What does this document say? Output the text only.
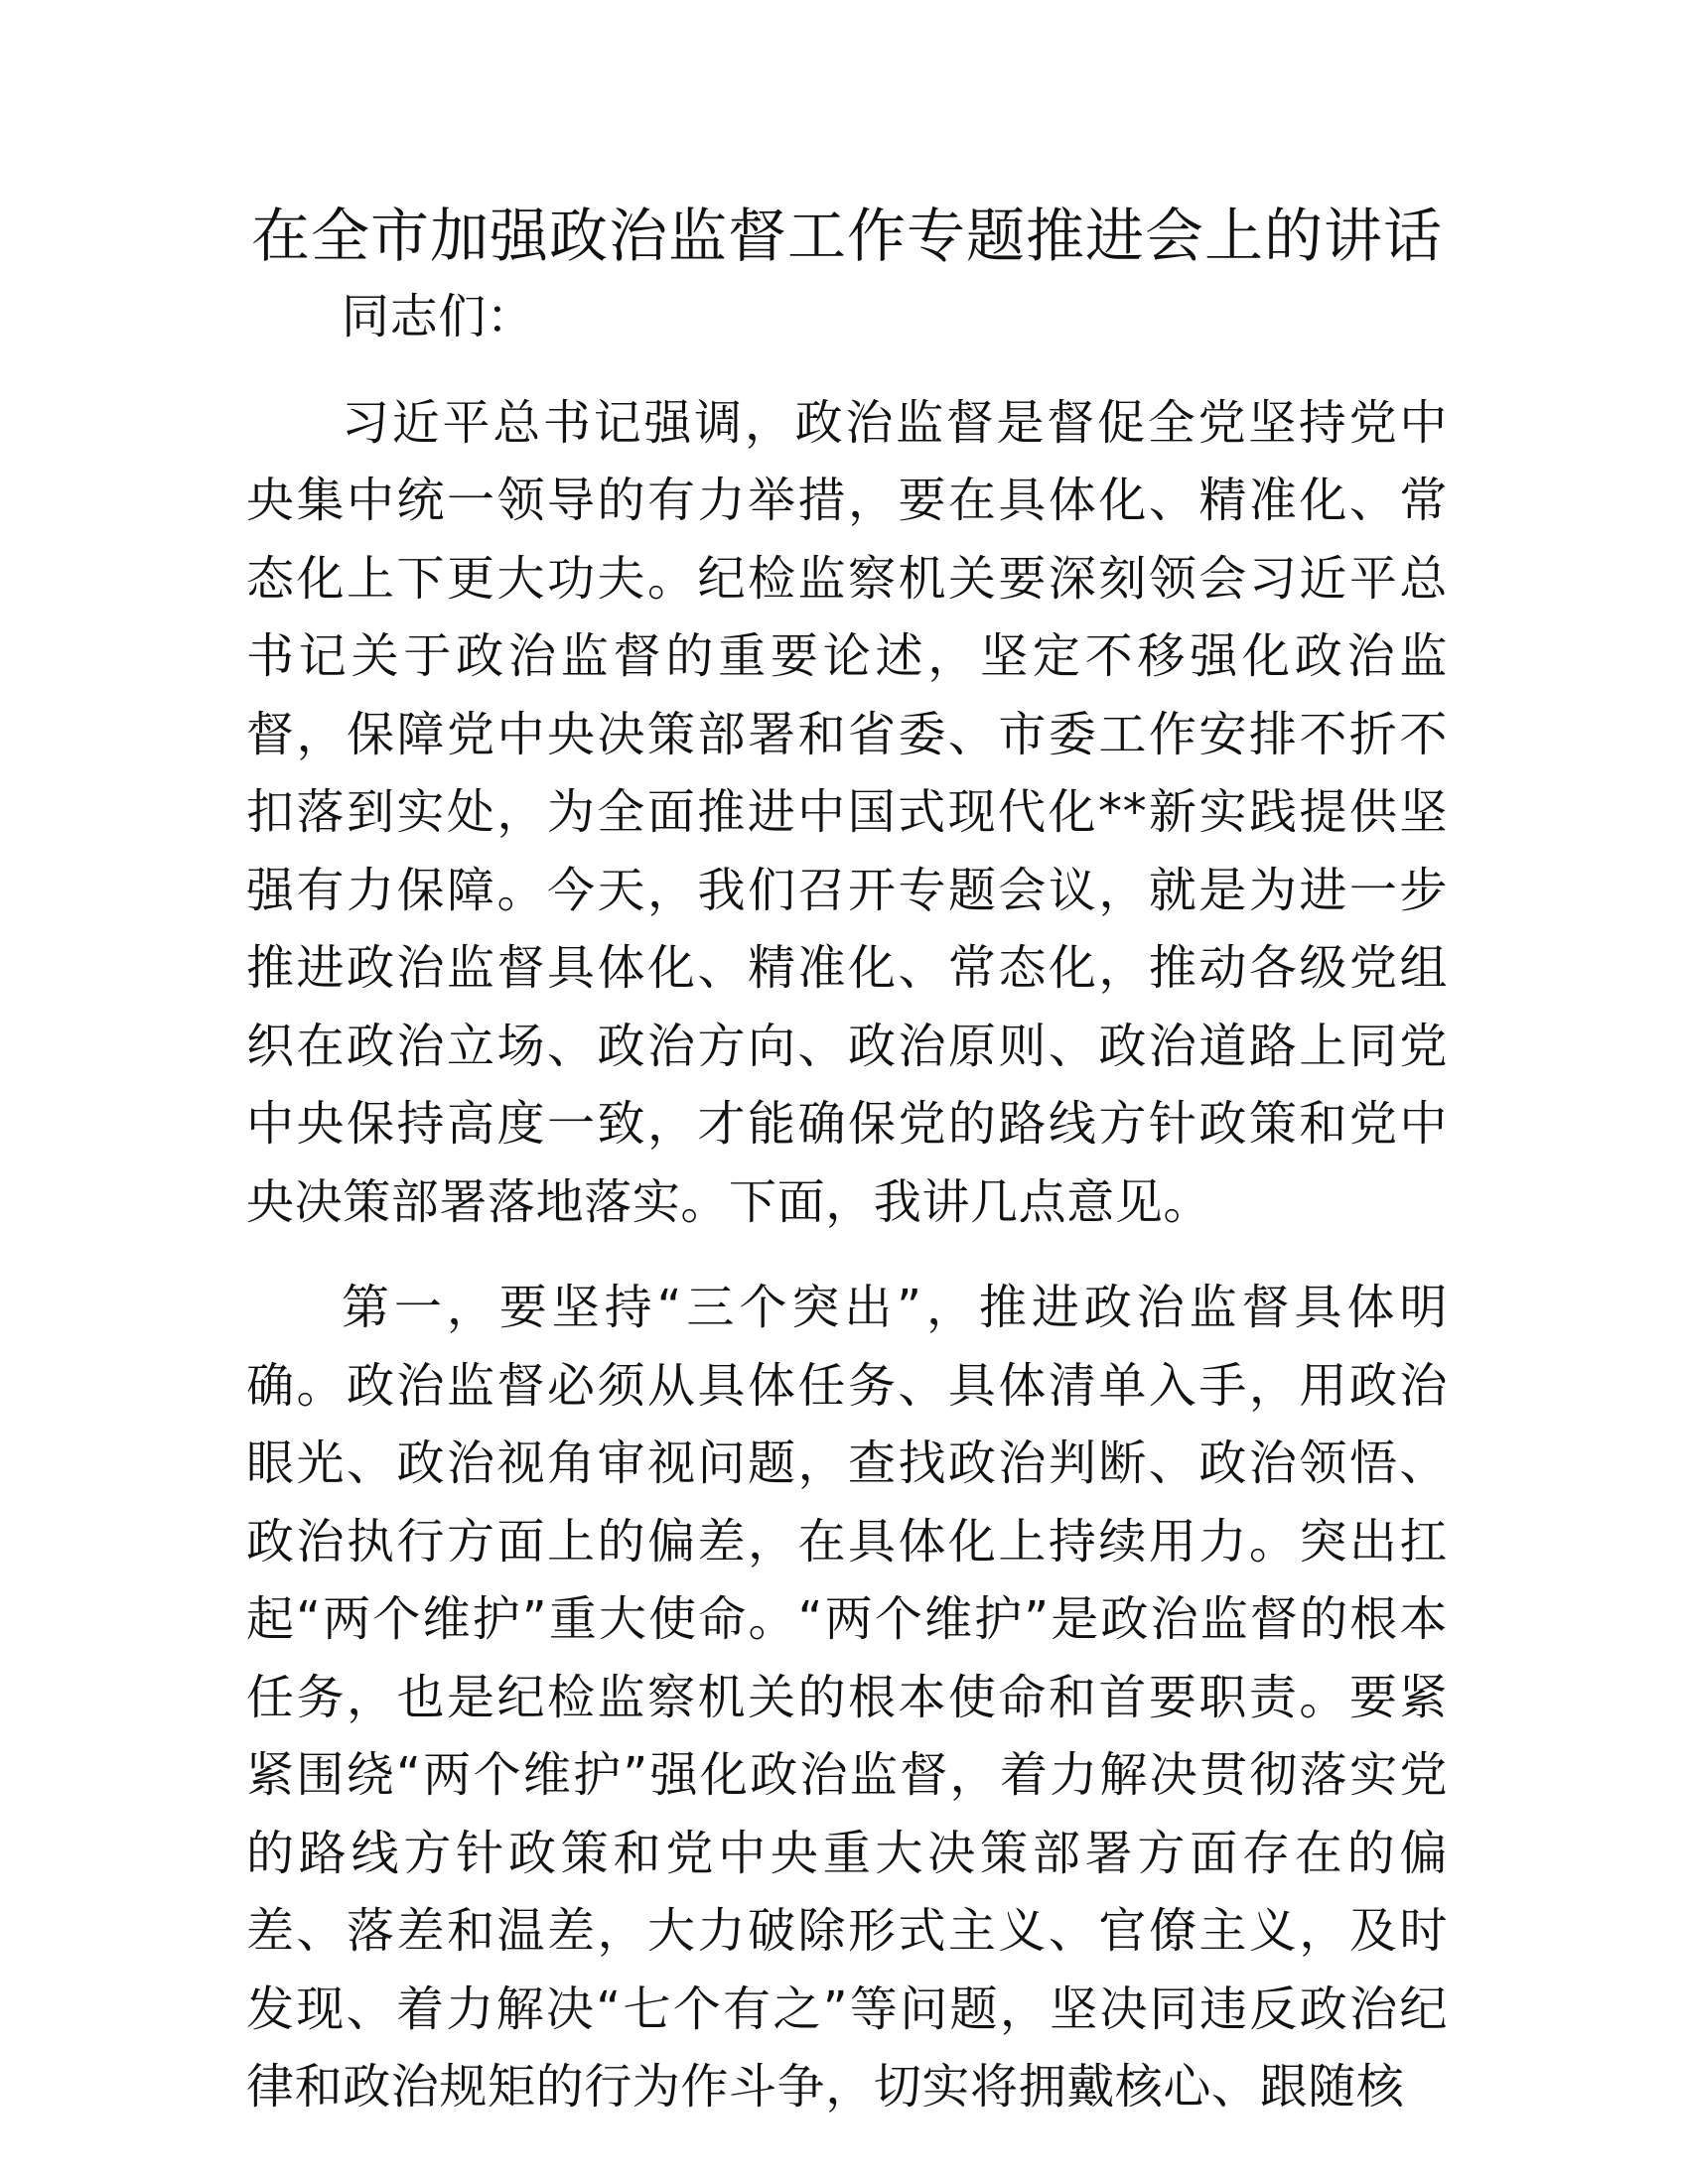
在全市加强政治监督工作专题推进会上的讲话

同志们：

习近平总书记强调，政治监督是督促全党坚持党中央集中统一领导的有力举措，要在具体化、精准化、常态化上下更大功夫。纪检监察机关要深刻领会习近平总书记关于政治监督的重要论述，坚定不移强化政治监督，保障党中央决策部署和省委、市委工作安排不折不扣落到实处，为全面推进中国式现代化**新实践提供坚强有力保障。今天，我们召开专题会议，就是为进一步推进政治监督具体化、精准化、常态化，推动各级党组织在政治立场、政治方向、政治原则、政治道路上同党中央保持高度一致，才能确保党的路线方针政策和党中央决策部署落地落实。下面，我讲几点意见。

第一，要坚持“三个突出”，推进政治监督具体明确。政治监督必须从具体任务、具体清单入手，用政治眼光、政治视角审视问题，查找政治判断、政治领悟、政治执行方面上的偏差，在具体化上持续用力。突出扛起“两个维护”重大使命。“两个维护”是政治监督的根本任务，也是纪检监察机关的根本使命和首要职责。要紧紧围绕“两个维护”强化政治监督，着力解决贯彻落实党的路线方针政策和党中央重大决策部署方面存在的偏差、落差和温差，大力破除形式主义、官僚主义，及时发现、着力解决“七个有之”等问题，坚决同违反政治纪律和政治规矩的行为作斗争，切实将拥戴核心、跟随核
